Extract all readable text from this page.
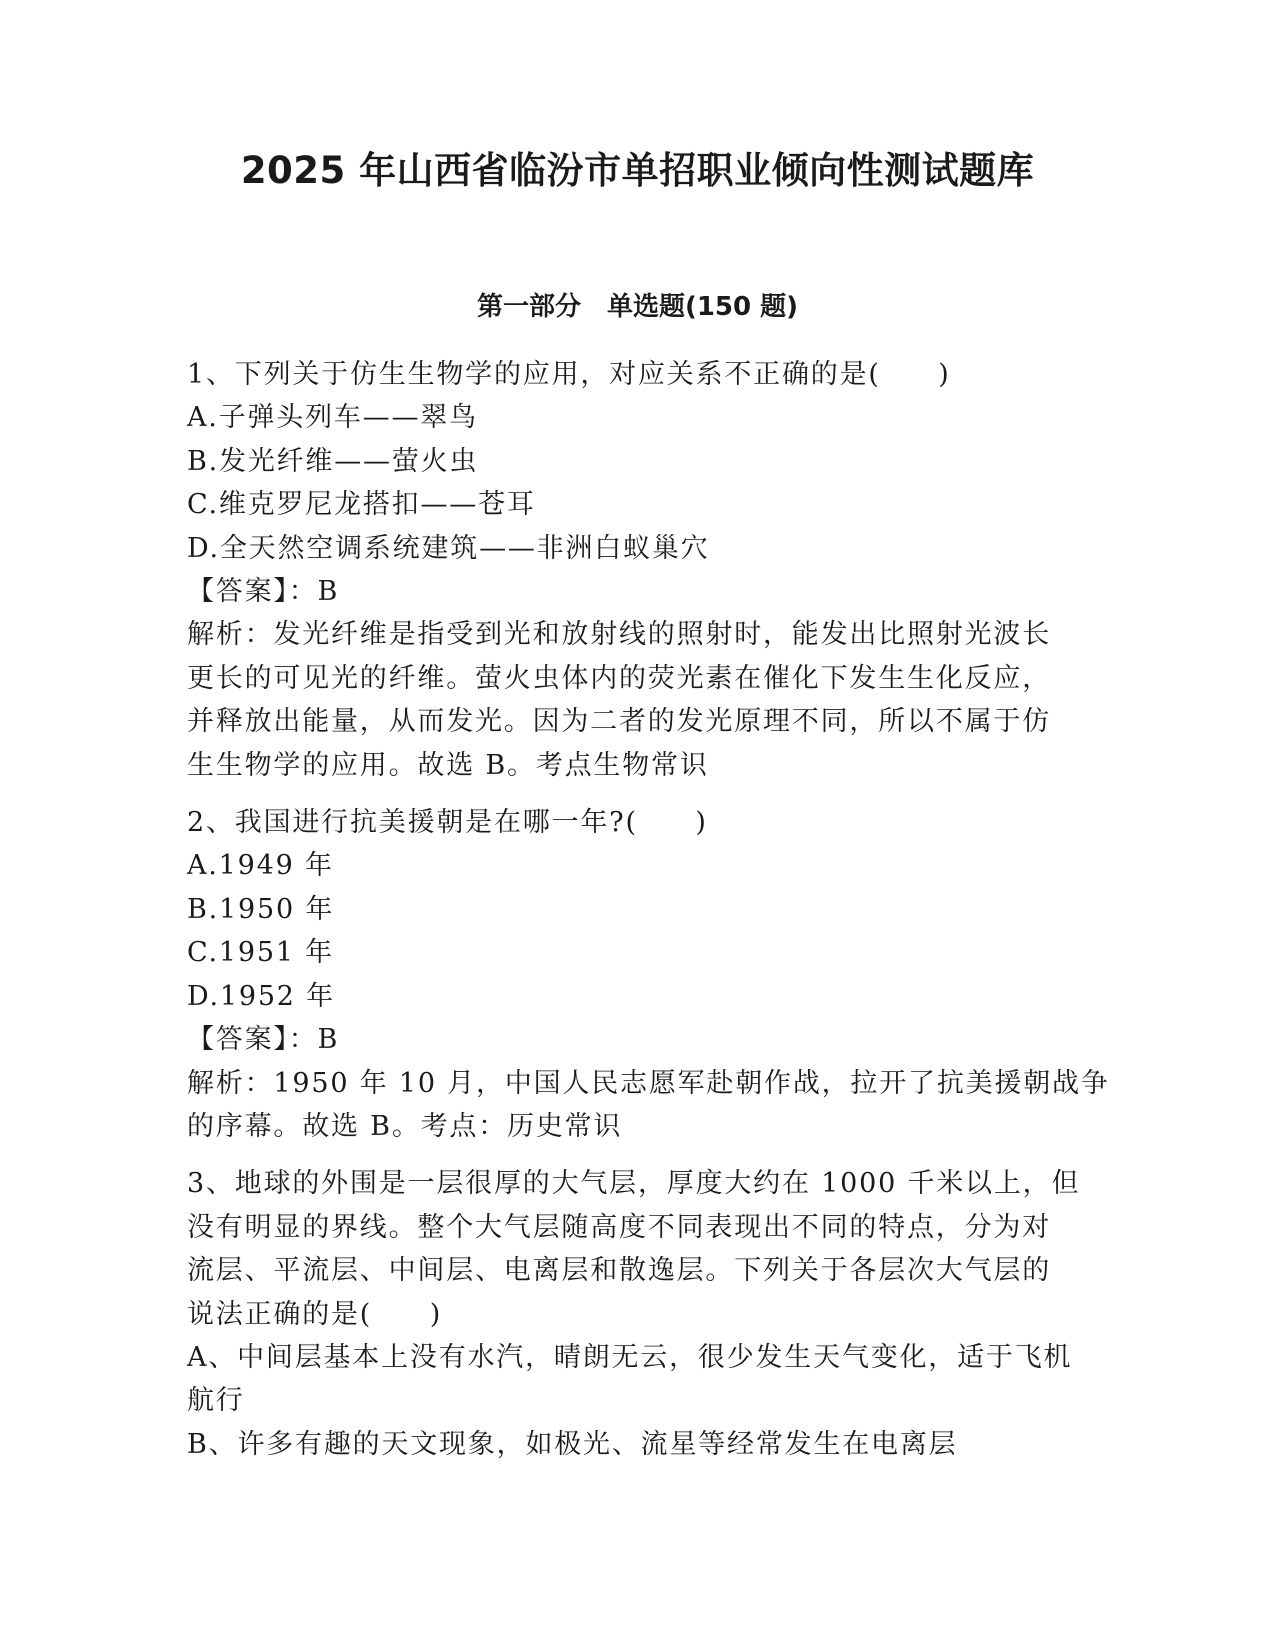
2025 年山西省临汾市单招职业倾向性测试题库
第一部分　单选题(150 题)
1、下列关于仿生生物学的应用，对应关系不正确的是(　　)
A.子弹头列车——翠鸟
B.发光纤维——萤火虫
C.维克罗尼龙搭扣——苍耳
D.全天然空调系统建筑——非洲白蚁巢穴
【答案】：B
解析：发光纤维是指受到光和放射线的照射时，能发出比照射光波长
更长的可见光的纤维。萤火虫体内的荧光素在催化下发生生化反应，
并释放出能量，从而发光。因为二者的发光原理不同，所以不属于仿
生生物学的应用。故选 B。考点生物常识
2、我国进行抗美援朝是在哪一年?(　　)
A.1949 年
B.1950 年
C.1951 年
D.1952 年
【答案】：B
解析：1950 年 10 月，中国人民志愿军赴朝作战，拉开了抗美援朝战争
的序幕。故选 B。考点：历史常识
3、地球的外围是一层很厚的大气层，厚度大约在 1000 千米以上，但
没有明显的界线。整个大气层随高度不同表现出不同的特点，分为对
流层、平流层、中间层、电离层和散逸层。下列关于各层次大气层的
说法正确的是(　　)
A、中间层基本上没有水汽，晴朗无云，很少发生天气变化，适于飞机
航行
B、许多有趣的天文现象，如极光、流星等经常发生在电离层
